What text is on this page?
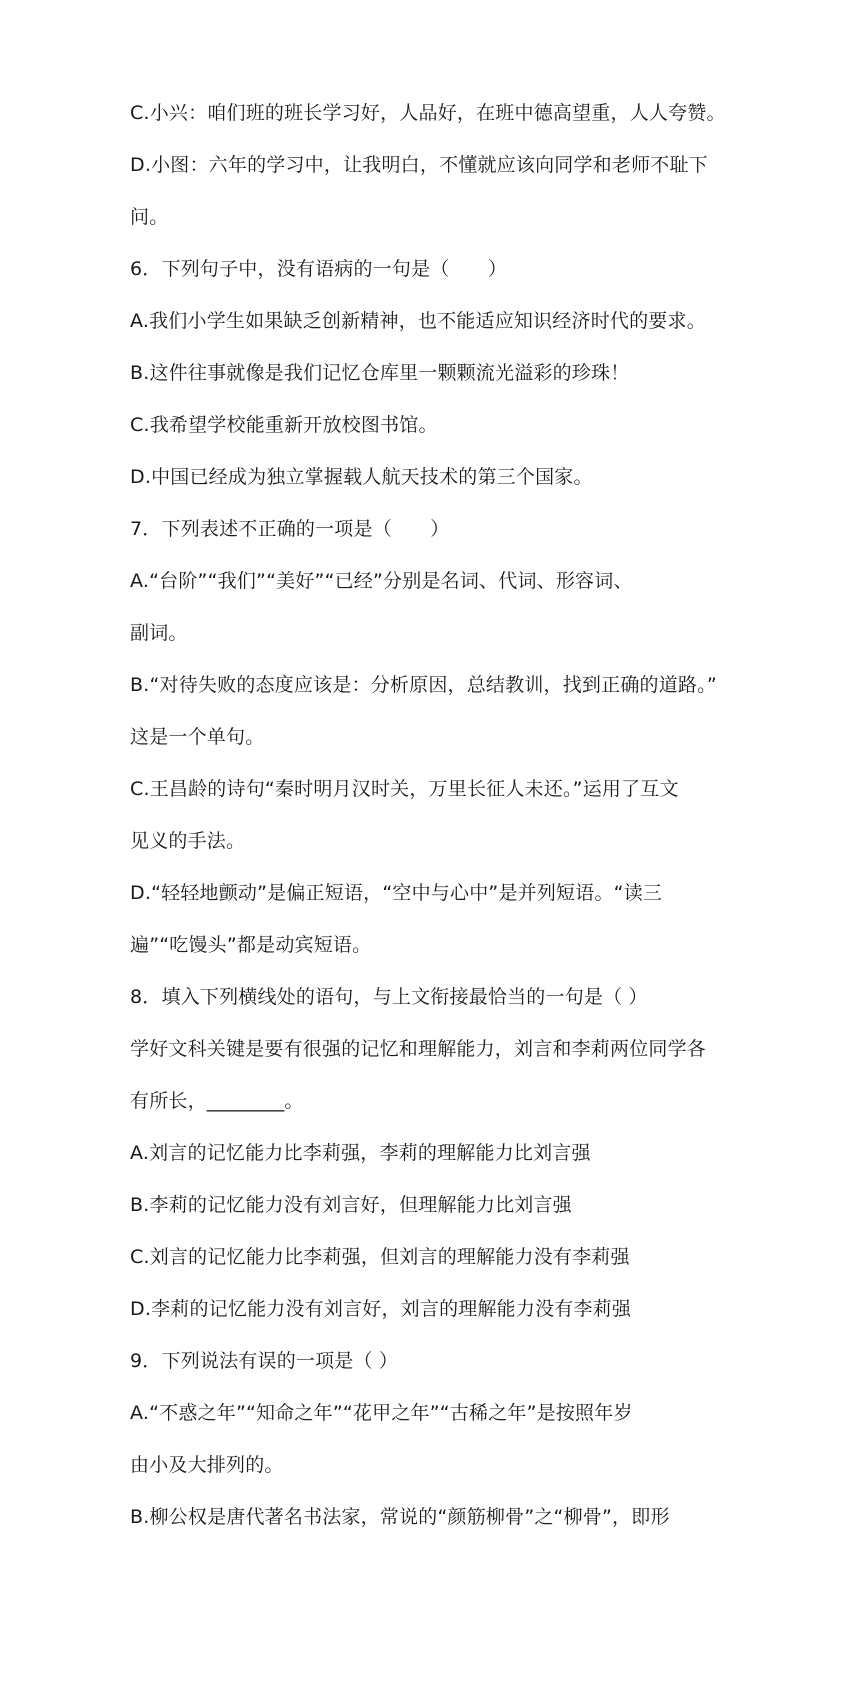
C.小兴：咱们班的班长学习好，人品好，在班中德高望重，人人夸赞。
D.小图：六年的学习中，让我明白，不懂就应该向同学和老师不耻下
问。
6．下列句子中，没有语病的一句是（　　）
A.我们小学生如果缺乏创新精神，也不能适应知识经济时代的要求。
B.这件往事就像是我们记忆仓库里一颗颗流光溢彩的珍珠！
C.我希望学校能重新开放校图书馆。
D.中国已经成为独立掌握载人航天技术的第三个国家。
7．下列表述不正确的一项是（　　）
A.“台阶”“我们”“美好”“已经”分别是名词、代词、形容词、
副词。
B.“对待失败的态度应该是：分析原因，总结教训，找到正确的道路。”
这是一个单句。
C.王昌龄的诗句“秦时明月汉时关，万里长征人未还。”运用了互文
见义的手法。
D.“轻轻地颤动”是偏正短语，“空中与心中”是并列短语。“读三
遍”“吃馒头”都是动宾短语。
8．填入下列横线处的语句，与上文衔接最恰当的一句是（ ）
学好文科关键是要有很强的记忆和理解能力，刘言和李莉两位同学各
有所长，________。
A.刘言的记忆能力比李莉强，李莉的理解能力比刘言强
B.李莉的记忆能力没有刘言好，但理解能力比刘言强
C.刘言的记忆能力比李莉强，但刘言的理解能力没有李莉强
D.李莉的记忆能力没有刘言好，刘言的理解能力没有李莉强
9．下列说法有误的一项是（ ）
A.“不惑之年”“知命之年”“花甲之年”“古稀之年”是按照年岁
由小及大排列的。
B.柳公权是唐代著名书法家，常说的“颜筋柳骨”之“柳骨”，即形
